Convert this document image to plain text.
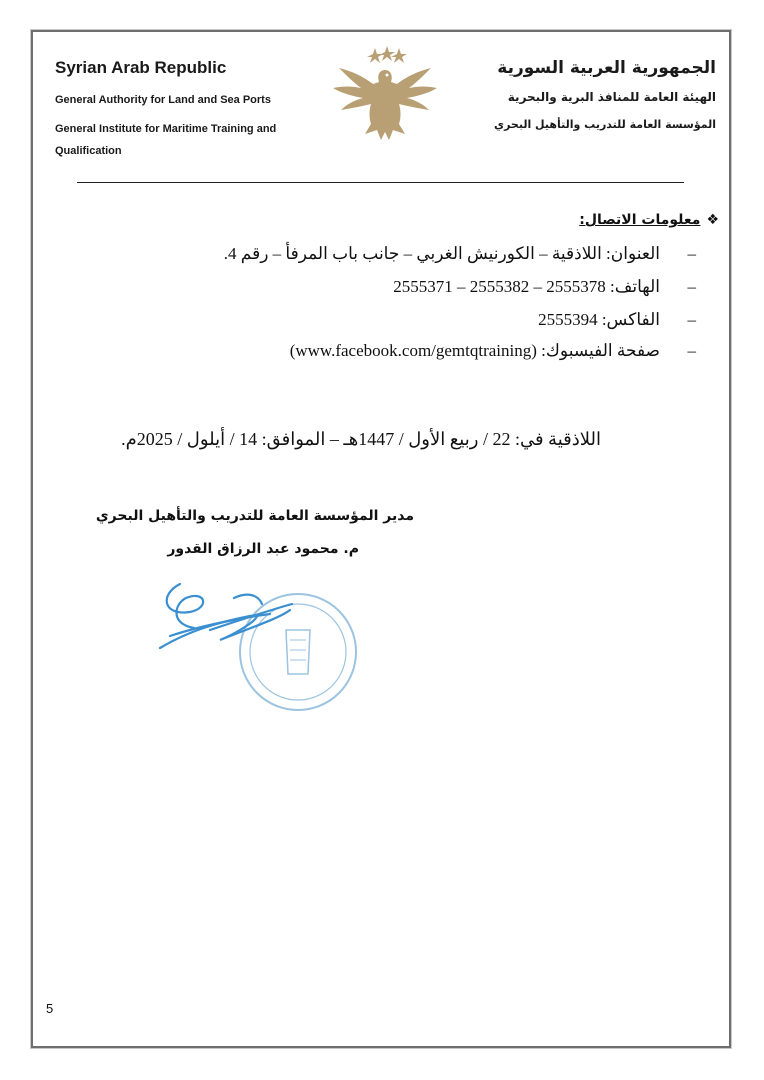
Syrian Arab Republic
General Authority for Land and Sea Ports
General Institute for Maritime Training and Qualification
الجمهورية العربية السورية
الهيئة العامة للمنافذ البرية والبحرية
المؤسسة العامة للتدريب والتأهيل البحري
❖معلومات الاتصال:
–العنوان: اللاذقية – الكورنيش الغربي – جانب باب المرفأ – رقم 4.
–الهاتف: 2555378 – 2555382 – 2555371
–الفاكس: 2555394
–صفحة الفيسبوك: (www.facebook.com/gemtqtraining)
اللاذقية في: 22 / ربيع الأول / 1447هـ – الموافق: 14 / أيلول / 2025م.
مدير المؤسسة العامة للتدريب والتأهيل البحري
م. محمود عبد الرزاق القدور
5
